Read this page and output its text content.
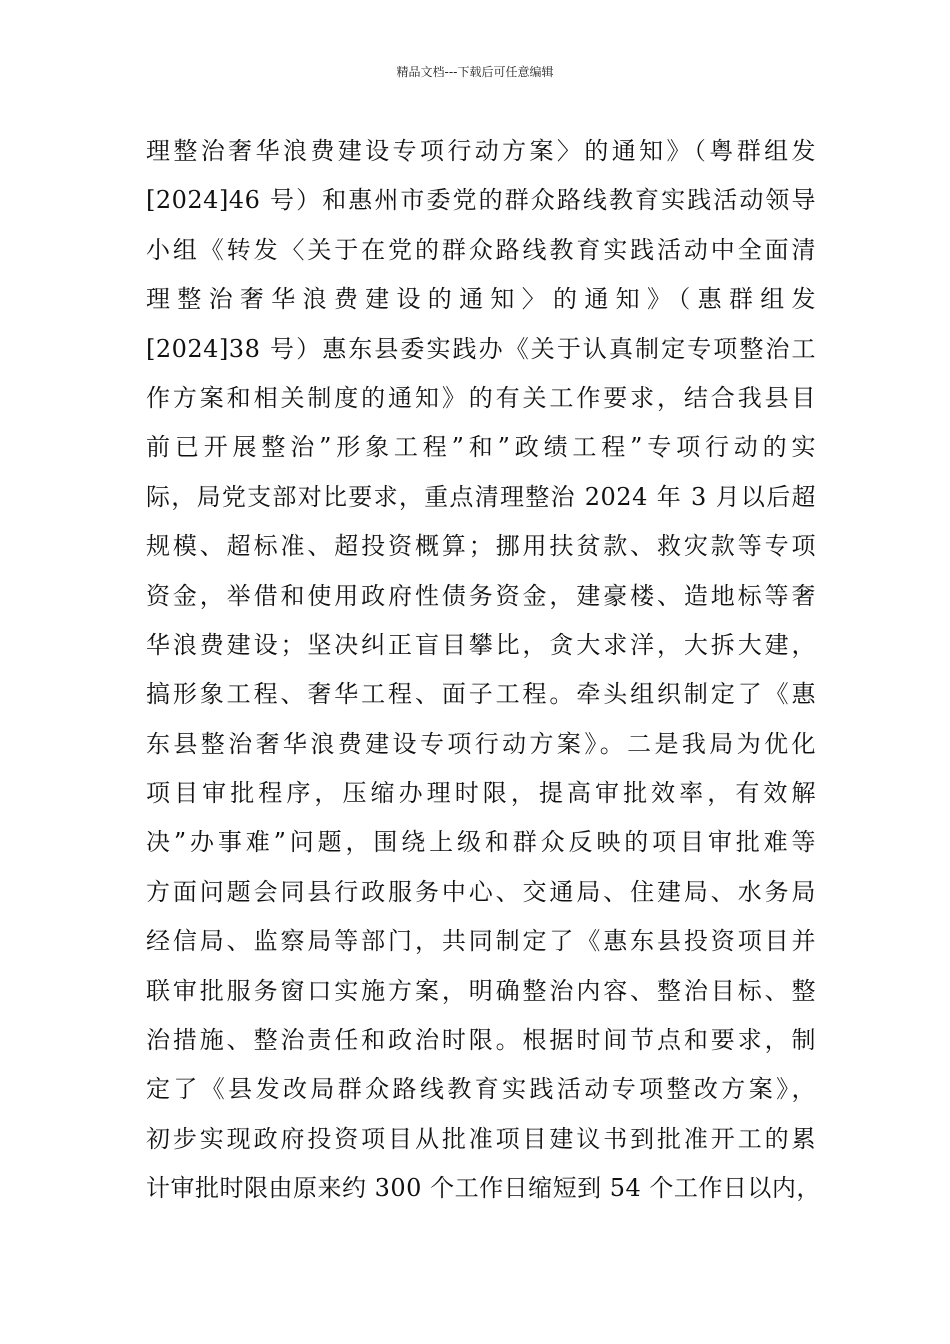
精品文档---下载后可任意编辑
理整治奢华浪费建设专项行动方案〉的通知》（粤群组发
[2024]46 号）和惠州市委党的群众路线教育实践活动领导
小组《转发〈关于在党的群众路线教育实践活动中全面清
理整治奢华浪费建设的通知〉的通知》（惠群组发
[2024]38 号）惠东县委实践办《关于认真制定专项整治工
作方案和相关制度的通知》的有关工作要求，结合我县目
前已开展整治”形象工程”和”政绩工程”专项行动的实
际，局党支部对比要求，重点清理整治 2024 年 3 月以后超
规模、超标准、超投资概算；挪用扶贫款、救灾款等专项
资金，举借和使用政府性债务资金，建豪楼、造地标等奢
华浪费建设；坚决纠正盲目攀比，贪大求洋，大拆大建，
搞形象工程、奢华工程、面子工程。牵头组织制定了《惠
东县整治奢华浪费建设专项行动方案》。二是我局为优化
项目审批程序，压缩办理时限，提高审批效率，有效解
决”办事难”问题，围绕上级和群众反映的项目审批难等
方面问题会同县行政服务中心、交通局、住建局、水务局
经信局、监察局等部门，共同制定了《惠东县投资项目并
联审批服务窗口实施方案，明确整治内容、整治目标、整
治措施、整治责任和政治时限。根据时间节点和要求，制
定了《县发改局群众路线教育实践活动专项整改方案》，
初步实现政府投资项目从批准项目建议书到批准开工的累
计审批时限由原来约 300 个工作日缩短到 54 个工作日以内，
